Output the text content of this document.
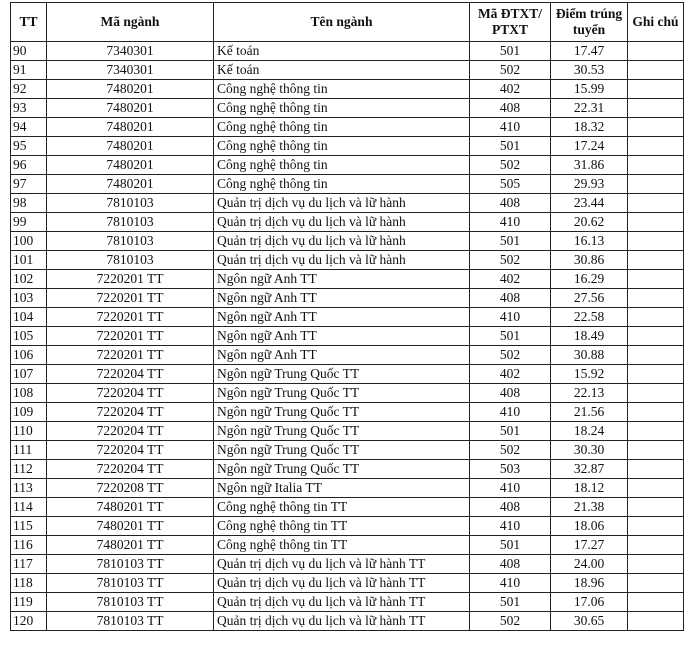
TT	Mã ngành	Tên ngành	Mã ĐTXT/ PTXT	Điểm trúng tuyển	Ghi chú
90	7340301	Kế toán	501	17.47	
91	7340301	Kế toán	502	30.53	
92	7480201	Công nghệ thông tin	402	15.99	
93	7480201	Công nghệ thông tin	408	22.31	
94	7480201	Công nghệ thông tin	410	18.32	
95	7480201	Công nghệ thông tin	501	17.24	
96	7480201	Công nghệ thông tin	502	31.86	
97	7480201	Công nghệ thông tin	505	29.93	
98	7810103	Quản trị dịch vụ du lịch và lữ hành	408	23.44	
99	7810103	Quản trị dịch vụ du lịch và lữ hành	410	20.62	
100	7810103	Quản trị dịch vụ du lịch và lữ hành	501	16.13	
101	7810103	Quản trị dịch vụ du lịch và lữ hành	502	30.86	
102	7220201 TT	Ngôn ngữ Anh TT	402	16.29	
103	7220201 TT	Ngôn ngữ Anh TT	408	27.56	
104	7220201 TT	Ngôn ngữ Anh TT	410	22.58	
105	7220201 TT	Ngôn ngữ Anh TT	501	18.49	
106	7220201 TT	Ngôn ngữ Anh TT	502	30.88	
107	7220204 TT	Ngôn ngữ Trung Quốc TT	402	15.92	
108	7220204 TT	Ngôn ngữ Trung Quốc TT	408	22.13	
109	7220204 TT	Ngôn ngữ Trung Quốc TT	410	21.56	
110	7220204 TT	Ngôn ngữ Trung Quốc TT	501	18.24	
111	7220204 TT	Ngôn ngữ Trung Quốc TT	502	30.30	
112	7220204 TT	Ngôn ngữ Trung Quốc TT	503	32.87	
113	7220208 TT	Ngôn ngữ Italia TT	410	18.12	
114	7480201 TT	Công nghệ thông tin TT	408	21.38	
115	7480201 TT	Công nghệ thông tin TT	410	18.06	
116	7480201 TT	Công nghệ thông tin TT	501	17.27	
117	7810103 TT	Quản trị dịch vụ du lịch và lữ hành TT	408	24.00	
118	7810103 TT	Quản trị dịch vụ du lịch và lữ hành TT	410	18.96	
119	7810103 TT	Quản trị dịch vụ du lịch và lữ hành TT	501	17.06	
120	7810103 TT	Quản trị dịch vụ du lịch và lữ hành TT	502	30.65	
